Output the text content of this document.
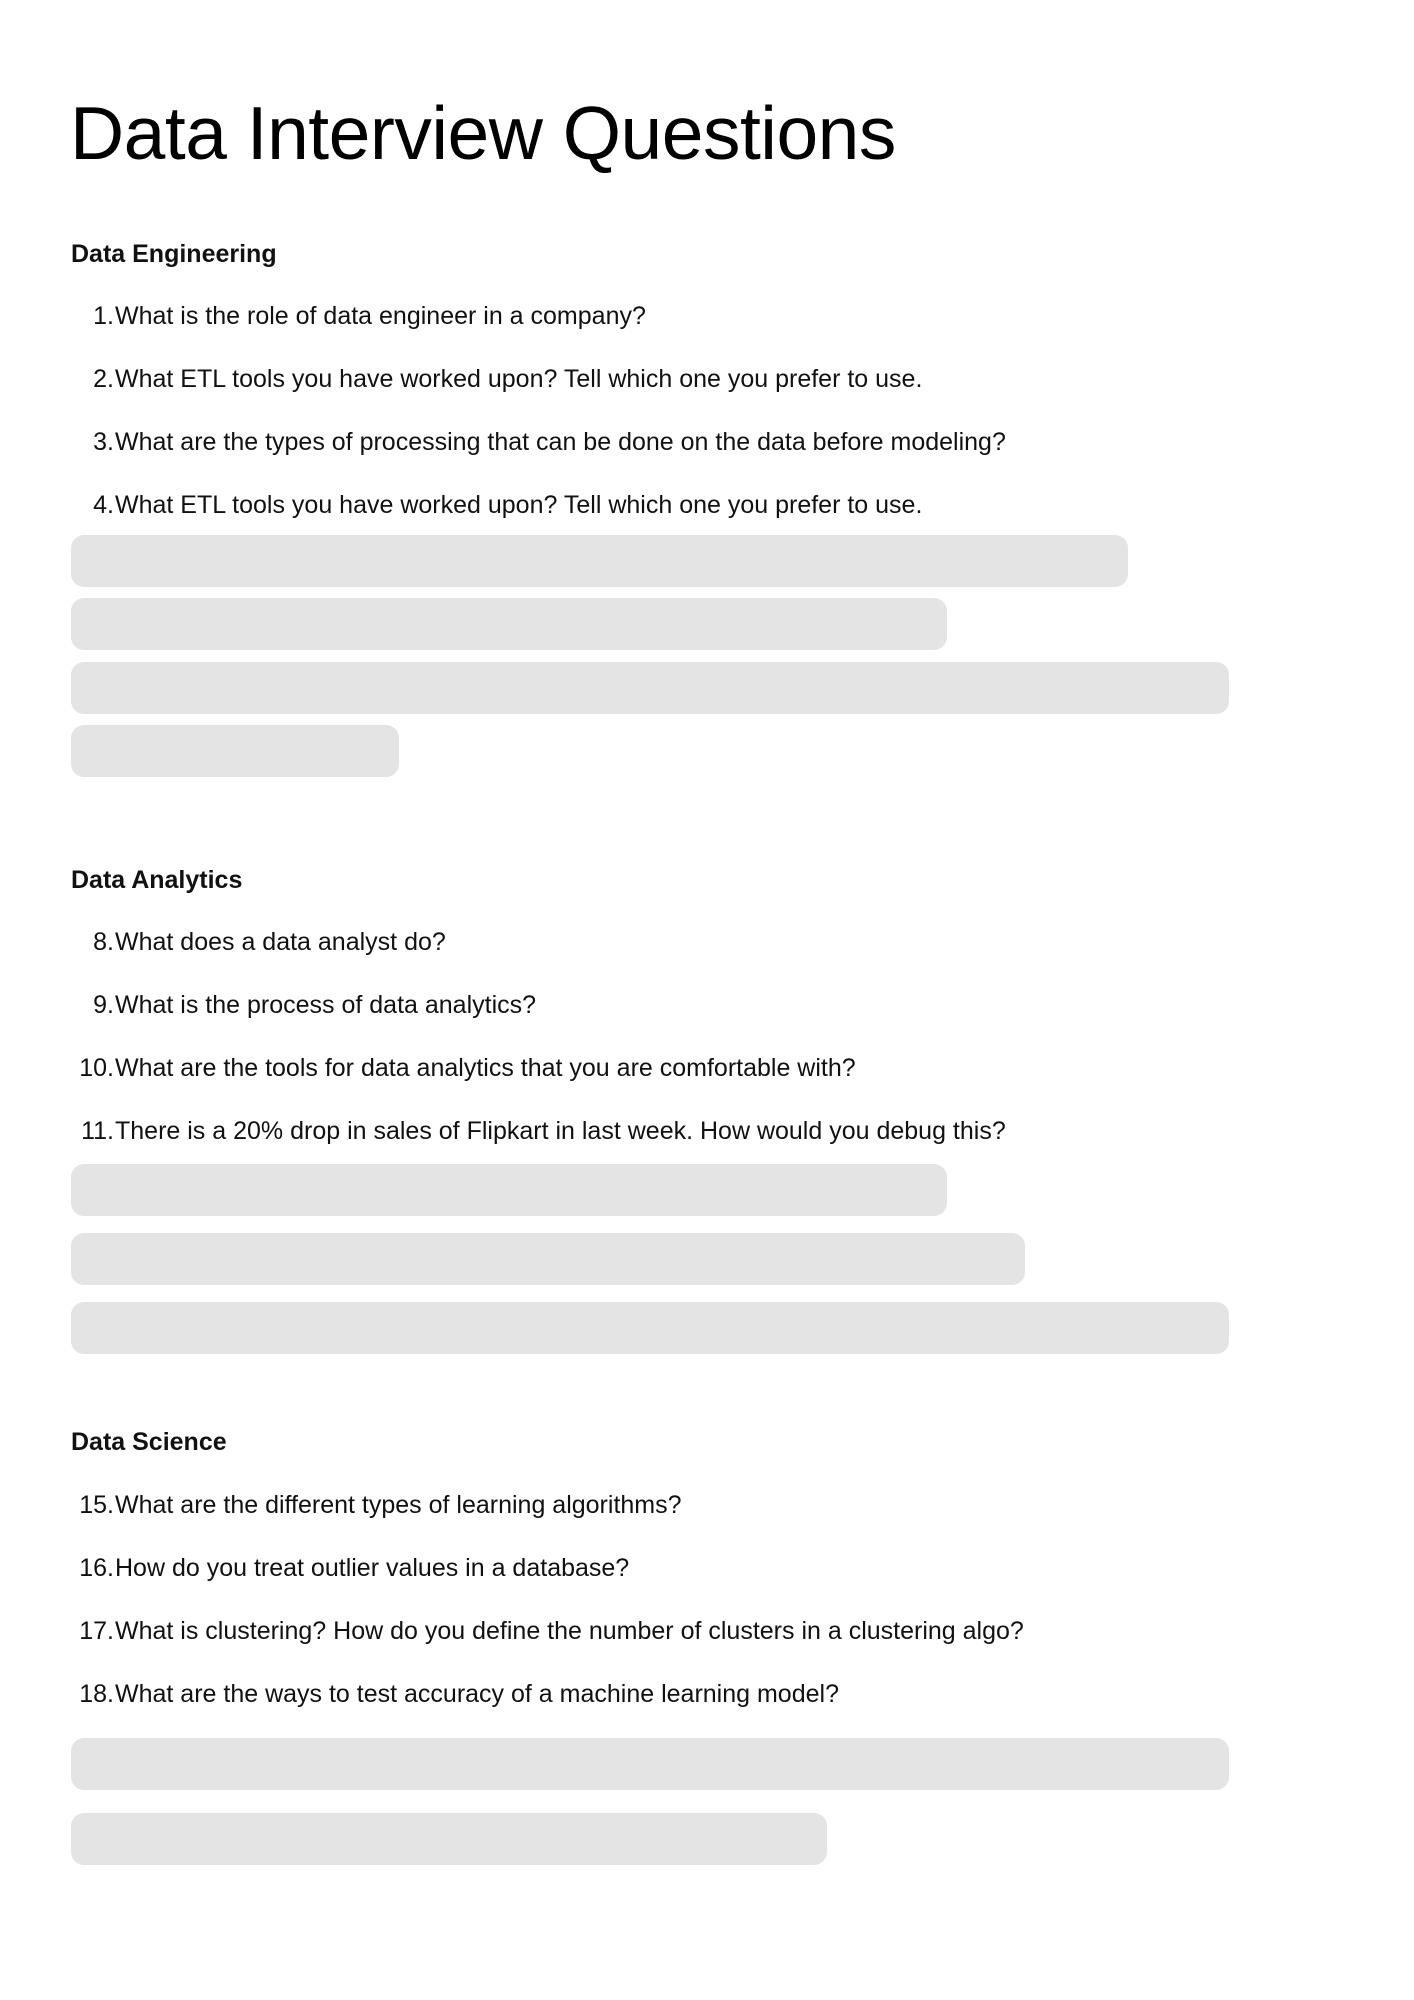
Data Interview Questions
Data Engineering
1. What is the role of data engineer in a company?
2. What ETL tools you have worked upon? Tell which one you prefer to use.
3. What are the types of processing that can be done on the data before modeling?
4. What ETL tools you have worked upon? Tell which one you prefer to use.
Data Analytics
8. What does a data analyst do?
9. What is the process of data analytics?
10. What are the tools for data analytics that you are comfortable with?
11. There is a 20% drop in sales of Flipkart in last week. How would you debug this?
Data Science
15. What are the different types of learning algorithms?
16. How do you treat outlier values in a database?
17. What is clustering? How do you define the number of clusters in a clustering algo?
18. What are the ways to test accuracy of a machine learning model?
